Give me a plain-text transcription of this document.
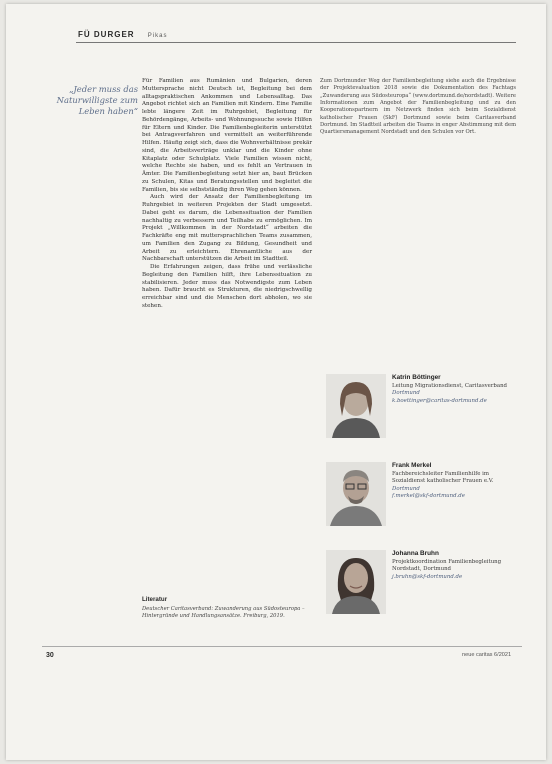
FÜ DURGER Pikas
„Jeder muss das Naturwilligste zum Leben haben“

Für Familien aus Rumänien und Bulgarien, deren Muttersprache nicht Deutsch ist, Begleitung bei dem alltagspraktischen Ankommen und Lebensalltag. Das Angebot richtet sich an Familien mit Kindern. Eine Familie lebte längere Zeit im Ruhrgebiet, Begleitung für Behördengänge, Arbeits- und Wohnungssuche sowie Hilfen für Eltern und Kinder. Die Familienbegleiterin unterstützt bei Antragsverfahren und vermittelt an weiterführende Hilfen. Häufig zeigt sich, dass die Wohnverhältnisse prekär sind, die Arbeitsverträge unklar und die Kinder ohne Kitaplatz oder Schulplatz. Viele Familien wissen nicht, welche Rechte sie haben, und es fehlt an Vertrauen in Ämter. Die Familienbegleitung setzt hier an, baut Brücken zu Schulen, Kitas und Beratungsstellen und begleitet die Familien, bis sie selbstständig ihren Weg gehen können.

Auch wird der Ansatz der Familienbegleitung im Ruhrgebiet in weiteren Projekten der Stadt umgesetzt. Dabei geht es darum, die Lebenssituation der Familien nachhaltig zu verbessern und Teilhabe zu ermöglichen. Im Projekt „Willkommen in der Nordstadt“ arbeiten die Fachkräfte eng mit muttersprachlichen Teams zusammen, um Familien den Zugang zu Bildung, Gesundheit und Arbeit zu erleichtern. Ehrenamtliche aus der Nachbarschaft unterstützen die Arbeit im Stadtteil.

Die Erfahrungen zeigen, dass frühe und verlässliche Begleitung den Familien hilft, ihre Lebenssituation zu stabilisieren. Jeder muss das Notwendigste zum Leben haben. Dafür braucht es Strukturen, die niedrigschwellig erreichbar sind und die Menschen dort abholen, wo sie stehen.

Zum Dortmunder Weg der Familienbegleitung siehe auch die Ergebnisse der Projektevaluation 2018 sowie die Dokumentation des Fachtags „Zuwanderung aus Südosteuropa“ (www.dortmund.de/nordstadt). Weitere Informationen zum Angebot der Familienbegleitung und zu den Kooperationspartnern im Netzwerk finden sich beim Sozialdienst katholischer Frauen (SkF) Dortmund sowie beim Caritasverband Dortmund. Im Stadtteil arbeiten die Teams in enger Abstimmung mit dem Quartiersmanagement Nordstadt und den Schulen vor Ort.

Literatur
Deutscher Caritasverband: Zuwanderung aus Südosteuropa – Hintergründe und Handlungsansätze. Freiburg, 2019.
Katrin Böttinger
Leitung Migrationsdienst, Caritasverband
Dortmund
k.boettinger@caritas-dortmund.de
Frank Merkel
Fachbereichsleiter Familienhilfe im
Sozialdienst katholischer Frauen e.V.
Dortmund
f.merkel@skf-dortmund.de
Johanna Bruhn
Projektkoordination Familienbegleitung
Nordstadt, Dortmund
j.bruhn@skf-dortmund.de
30	neue caritas 6/2021
